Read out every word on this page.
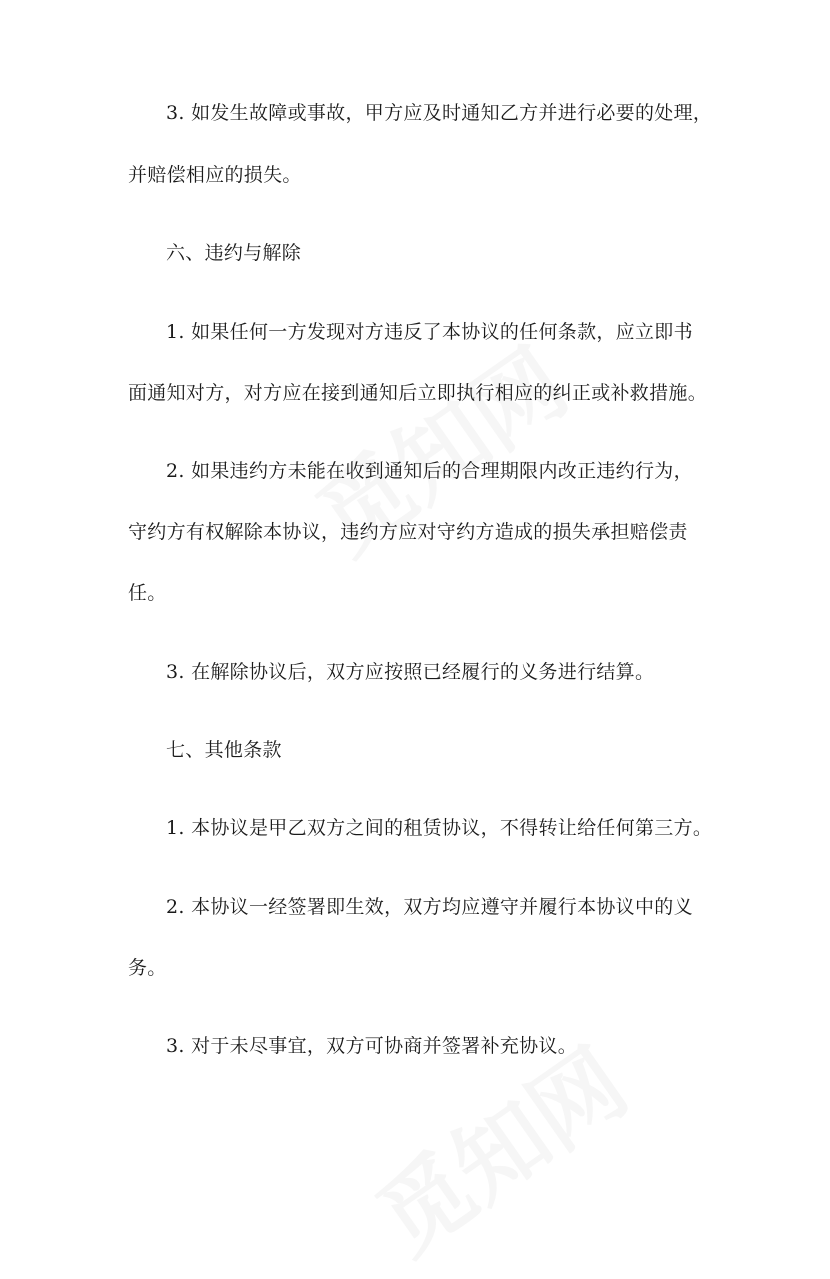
3. 如发生故障或事故，甲方应及时通知乙方并进行必要的处理，
并赔偿相应的损失。
六、违约与解除
1. 如果任何一方发现对方违反了本协议的任何条款，应立即书
面通知对方，对方应在接到通知后立即执行相应的纠正或补救措施。
2. 如果违约方未能在收到通知后的合理期限内改正违约行为，
守约方有权解除本协议，违约方应对守约方造成的损失承担赔偿责
任。
3. 在解除协议后，双方应按照已经履行的义务进行结算。
七、其他条款
1. 本协议是甲乙双方之间的租赁协议，不得转让给任何第三方。
2. 本协议一经签署即生效，双方均应遵守并履行本协议中的义
务。
3. 对于未尽事宜，双方可协商并签署补充协议。
